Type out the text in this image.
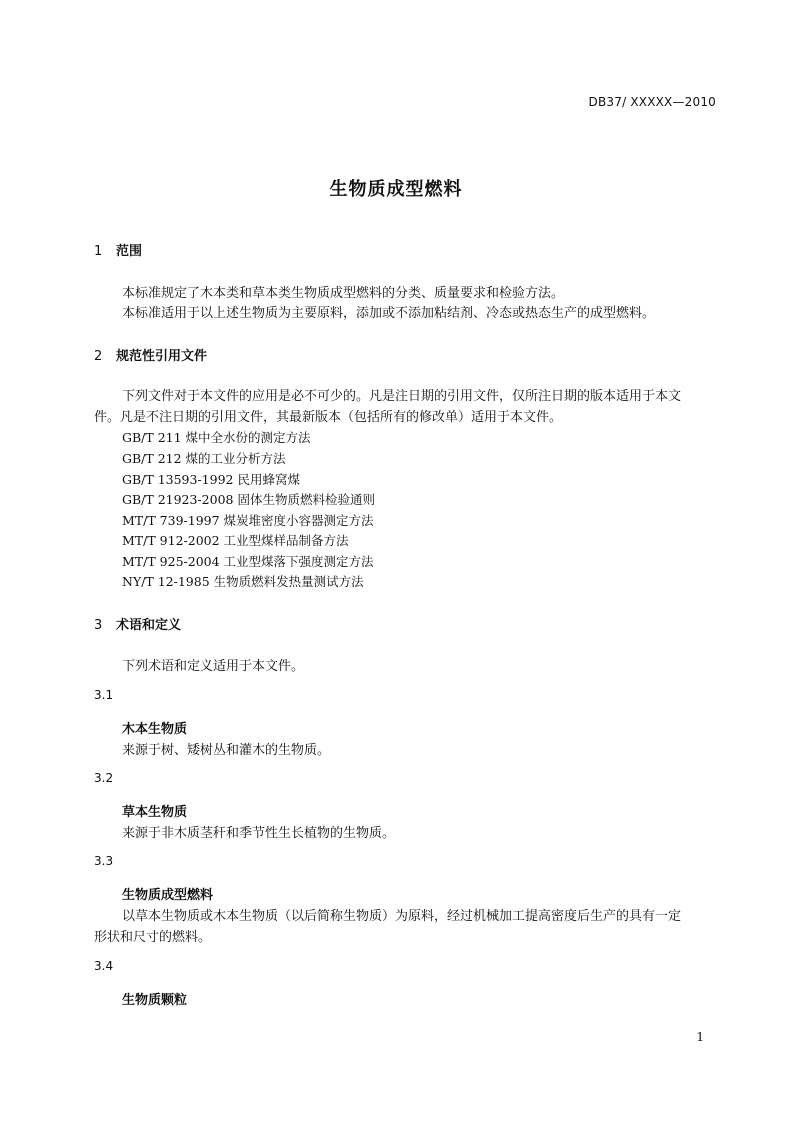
DB37/ XXXXX—2010
生物质成型燃料
1 范围
本标准规定了木本类和草本类生物质成型燃料的分类、质量要求和检验方法。
本标准适用于以上述生物质为主要原料，添加或不添加粘结剂、冷态或热态生产的成型燃料。
2 规范性引用文件
下列文件对于本文件的应用是必不可少的。凡是注日期的引用文件，仅所注日期的版本适用于本文
件。凡是不注日期的引用文件，其最新版本（包括所有的修改单）适用于本文件。
GB/T 211 煤中全水份的测定方法
GB/T 212 煤的工业分析方法
GB/T 13593-1992 民用蜂窝煤
GB/T 21923-2008 固体生物质燃料检验通则
MT/T 739-1997 煤炭堆密度小容器测定方法
MT/T 912-2002 工业型煤样品制备方法
MT/T 925-2004 工业型煤落下强度测定方法
NY/T 12-1985 生物质燃料发热量测试方法
3 术语和定义
下列术语和定义适用于本文件。
3.1
木本生物质
来源于树、矮树丛和灌木的生物质。
3.2
草本生物质
来源于非木质茎秆和季节性生长植物的生物质。
3.3
生物质成型燃料
以草本生物质或木本生物质（以后简称生物质）为原料，经过机械加工提高密度后生产的具有一定
形状和尺寸的燃料。
3.4
生物质颗粒
1
